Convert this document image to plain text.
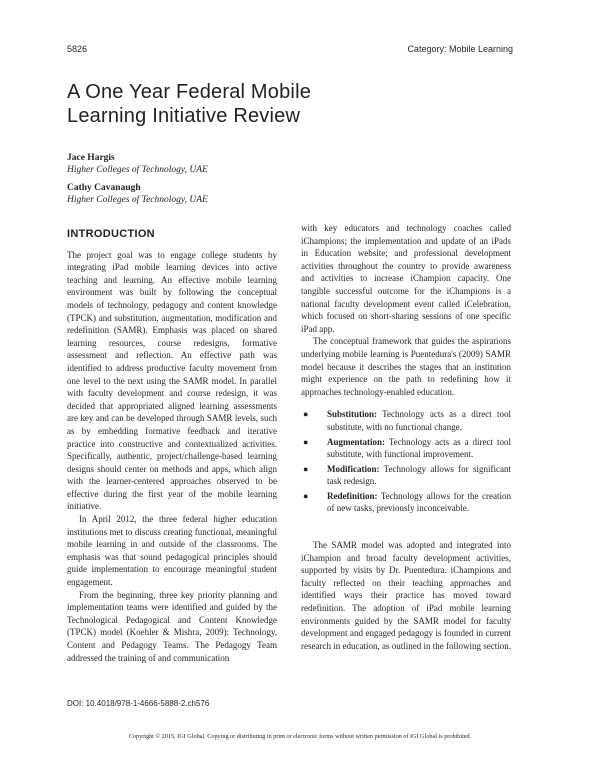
5826	Category: Mobile Learning
A One Year Federal Mobile
Learning Initiative Review
Jace Hargis
Higher Colleges of Technology, UAE
Cathy Cavanaugh
Higher Colleges of Technology, UAE
INTRODUCTION

The project goal was to engage college students by integrating iPad mobile learning devices into active teaching and learning. An effective mobile learning environment was built by following the conceptual models of technology, pedagogy and content knowledge (TPCK) and substitution, augmentation, modification and redefinition (SAMR). Emphasis was placed on shared learning resources, course redesigns, formative assessment and reflection. An effective path was identified to address productive faculty movement from one level to the next using the SAMR model. In parallel with faculty development and course redesign, it was decided that appropriated aligned learning assessments are key and can be developed through SAMR levels, such as by embedding formative feedback and iterative practice into constructive and contextualized activities. Specifically, authentic, project/challenge-based learning designs should center on methods and apps, which align with the learner-centered approaches observed to be effective during the first year of the mobile learning initiative.

In April 2012, the three federal higher education institutions met to discuss creating functional, meaningful mobile learning in and outside of the classrooms. The emphasis was that sound pedagogical principles should guide implementation to encourage meaningful student engagement.

From the beginning, three key priority planning and implementation teams were identified and guided by the Technological Pedagogical and Content Knowledge (TPCK) model (Koehler & Mishra, 2009): Technology, Content and Pedagogy Teams. The Pedagogy Team addressed the training of and communication

with key educators and technology coaches called iChampions; the implementation and update of an iPads in Education website; and professional development activities throughout the country to provide awareness and activities to increase iChampion capacity. One tangible successful outcome for the iChampions is a national faculty development event called iCelebration, which focused on short-sharing sessions of one specific iPad app.

The conceptual framework that guides the aspirations underlying mobile learning is Puentedura's (2009) SAMR model because it describes the stages that an institution might experience on the path to redefining how it approaches technology-enabled education.

● Substitution: Technology acts as a direct tool substitute, with no functional change.
● Augmentation: Technology acts as a direct tool substitute, with functional improvement.
● Modification: Technology allows for significant task redesign.
● Redefinition: Technology allows for the creation of new tasks, previously inconceivable.

The SAMR model was adopted and integrated into iChampion and broad faculty development activities, supported by visits by Dr. Puentedura. iChampions and faculty reflected on their teaching approaches and identified ways their practice has moved toward redefinition. The adoption of iPad mobile learning environments guided by the SAMR model for faculty development and engaged pedagogy is founded in current research in education, as outlined in the following section.

DOI: 10.4018/978-1-4666-5888-2.ch576
Copyright © 2015, IGI Global. Copying or distributing in print or electronic forms without written permission of IGI Global is prohibited.
